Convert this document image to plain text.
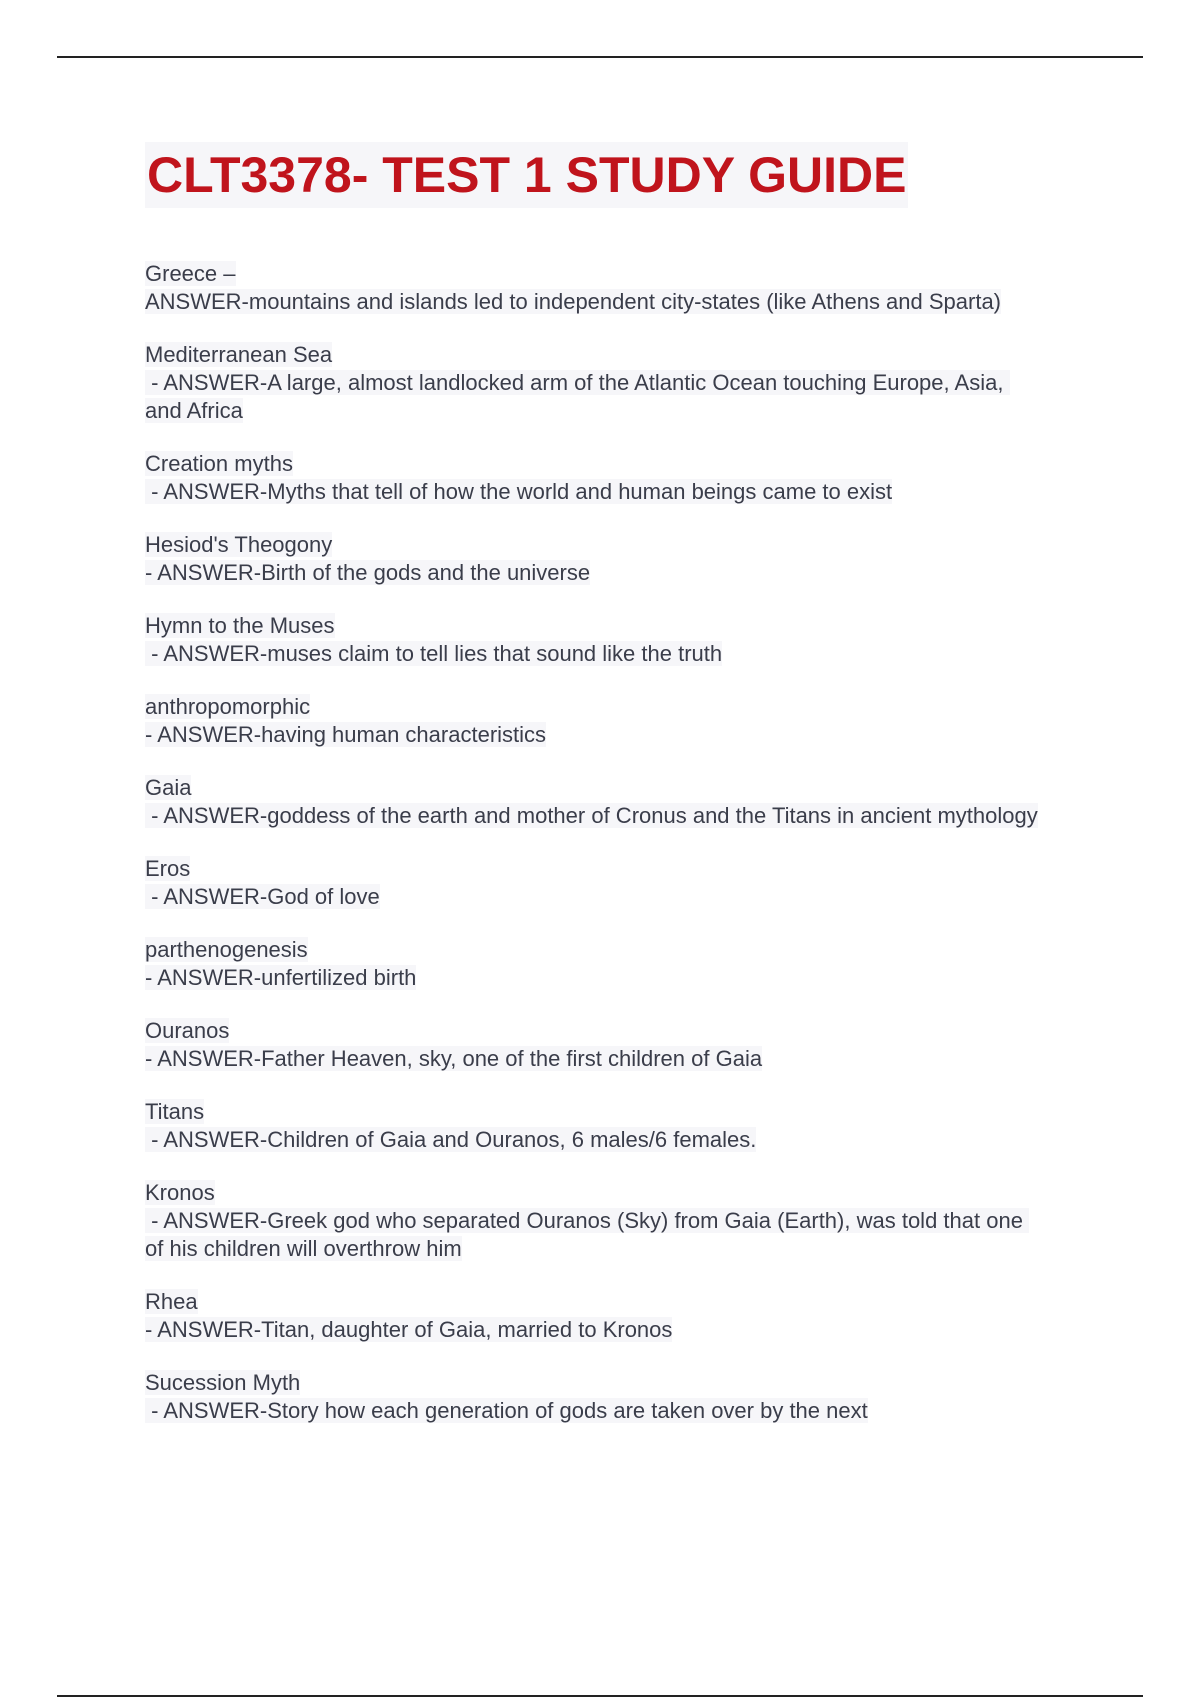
CLT3378- TEST 1 STUDY GUIDE
Greece –
ANSWER-mountains and islands led to independent city-states (like Athens and Sparta)
Mediterranean Sea
- ANSWER-A large, almost landlocked arm of the Atlantic Ocean touching Europe, Asia, and Africa
Creation myths
- ANSWER-Myths that tell of how the world and human beings came to exist
Hesiod's Theogony
- ANSWER-Birth of the gods and the universe
Hymn to the Muses
- ANSWER-muses claim to tell lies that sound like the truth
anthropomorphic
- ANSWER-having human characteristics
Gaia
- ANSWER-goddess of the earth and mother of Cronus and the Titans in ancient mythology
Eros
- ANSWER-God of love
parthenogenesis
- ANSWER-unfertilized birth
Ouranos
- ANSWER-Father Heaven, sky, one of the first children of Gaia
Titans
- ANSWER-Children of Gaia and Ouranos, 6 males/6 females.
Kronos
- ANSWER-Greek god who separated Ouranos (Sky) from Gaia (Earth), was told that one of his children will overthrow him
Rhea
- ANSWER-Titan, daughter of Gaia, married to Kronos
Sucession Myth
- ANSWER-Story how each generation of gods are taken over by the next
